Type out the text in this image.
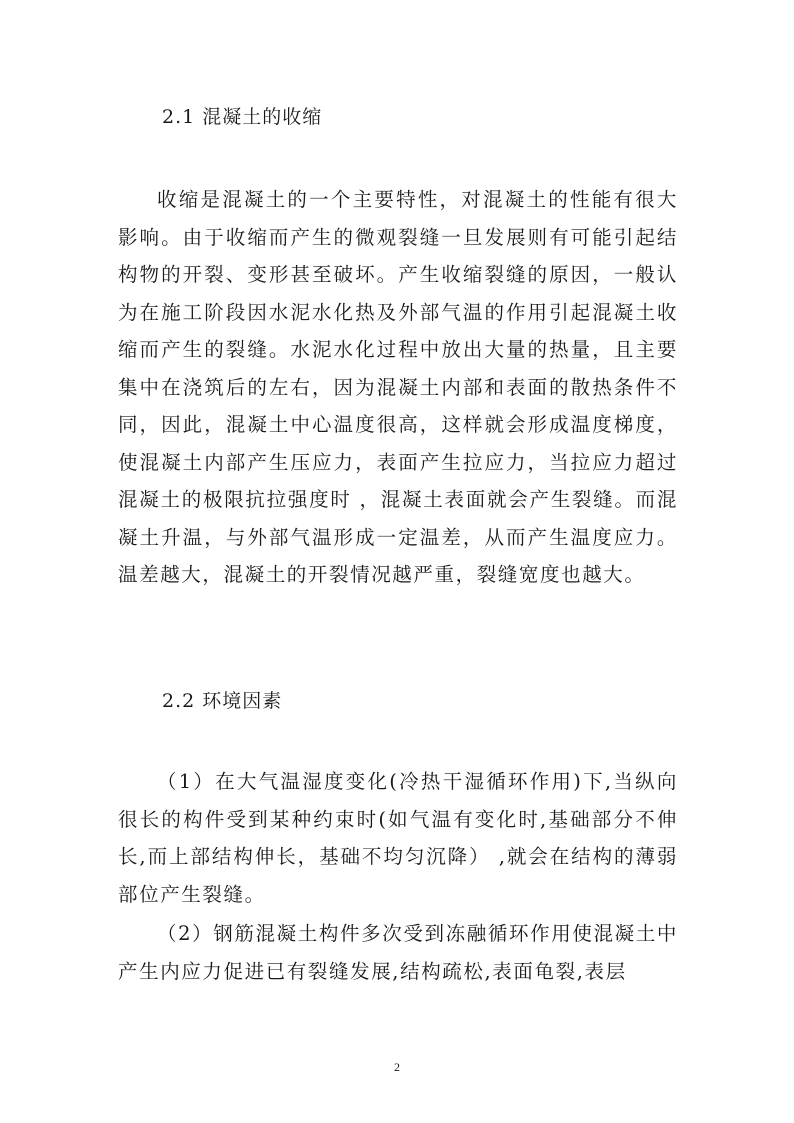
2.1 混凝土的收缩

收缩是混凝土的一个主要特性，对混凝土的性能有很大影响。由于收缩而产生的微观裂缝一旦发展则有可能引起结构物的开裂、变形甚至破坏。产生收缩裂缝的原因，一般认为在施工阶段因水泥水化热及外部气温的作用引起混凝土收缩而产生的裂缝。水泥水化过程中放出大量的热量，且主要集中在浇筑后的左右，因为混凝土内部和表面的散热条件不同，因此，混凝土中心温度很高，这样就会形成温度梯度，使混凝土内部产生压应力，表面产生拉应力，当拉应力超过混凝土的极限抗拉强度时 ，混凝土表面就会产生裂缝。而混凝土升温，与外部气温形成一定温差，从而产生温度应力。温差越大，混凝土的开裂情况越严重，裂缝宽度也越大。

2.2 环境因素

（1）在大气温湿度变化(冷热干湿循环作用)下,当纵向很长的构件受到某种约束时(如气温有变化时,基础部分不伸长,而上部结构伸长，基础不均匀沉降） ,就会在结构的薄弱部位产生裂缝。

（2）钢筋混凝土构件多次受到冻融循环作用使混凝土中产生内应力促进已有裂缝发展,结构疏松,表面龟裂,表层

2
